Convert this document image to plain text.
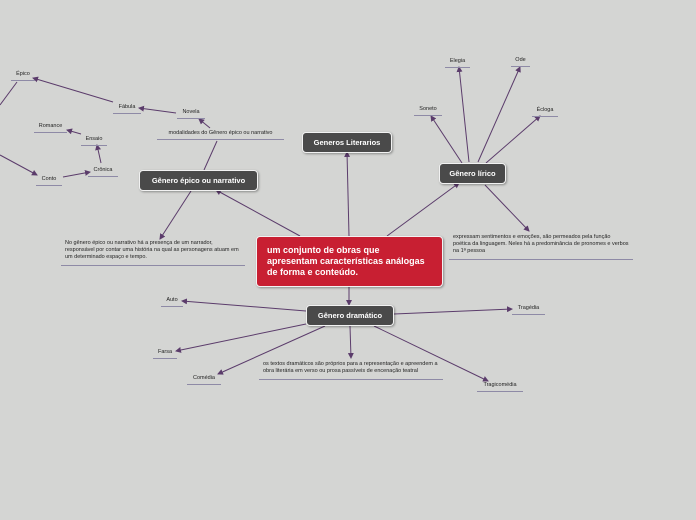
um conjunto de obras que apresentam características análogas de forma e conteúdo.
Generos Literarios
Gênero épico ou narrativo
Gênero lírico
Gênero dramático
modalidades do Gênero épico ou narrativo
No gênero épico ou narrativo há a presença de um narrador, responsável por contar uma história na qual as personagens atuam em um determinado espaço e tempo.
Novela
Fábula
Épico
Romance
Ensaio
Crônica
Conto
Elegia	Ode
Soneto	Écloga
expressam sentimentos e emoções, são permeados pela função poética da linguagem. Neles há a predominância de pronomes e verbos na 1ª pessoa
Auto
Farsa
Comédia
os textos dramáticos são próprios para a representação e apreendem a obra literária em verso ou prosa passíveis de encenação teatral
Tragicomédia
Tragédia
